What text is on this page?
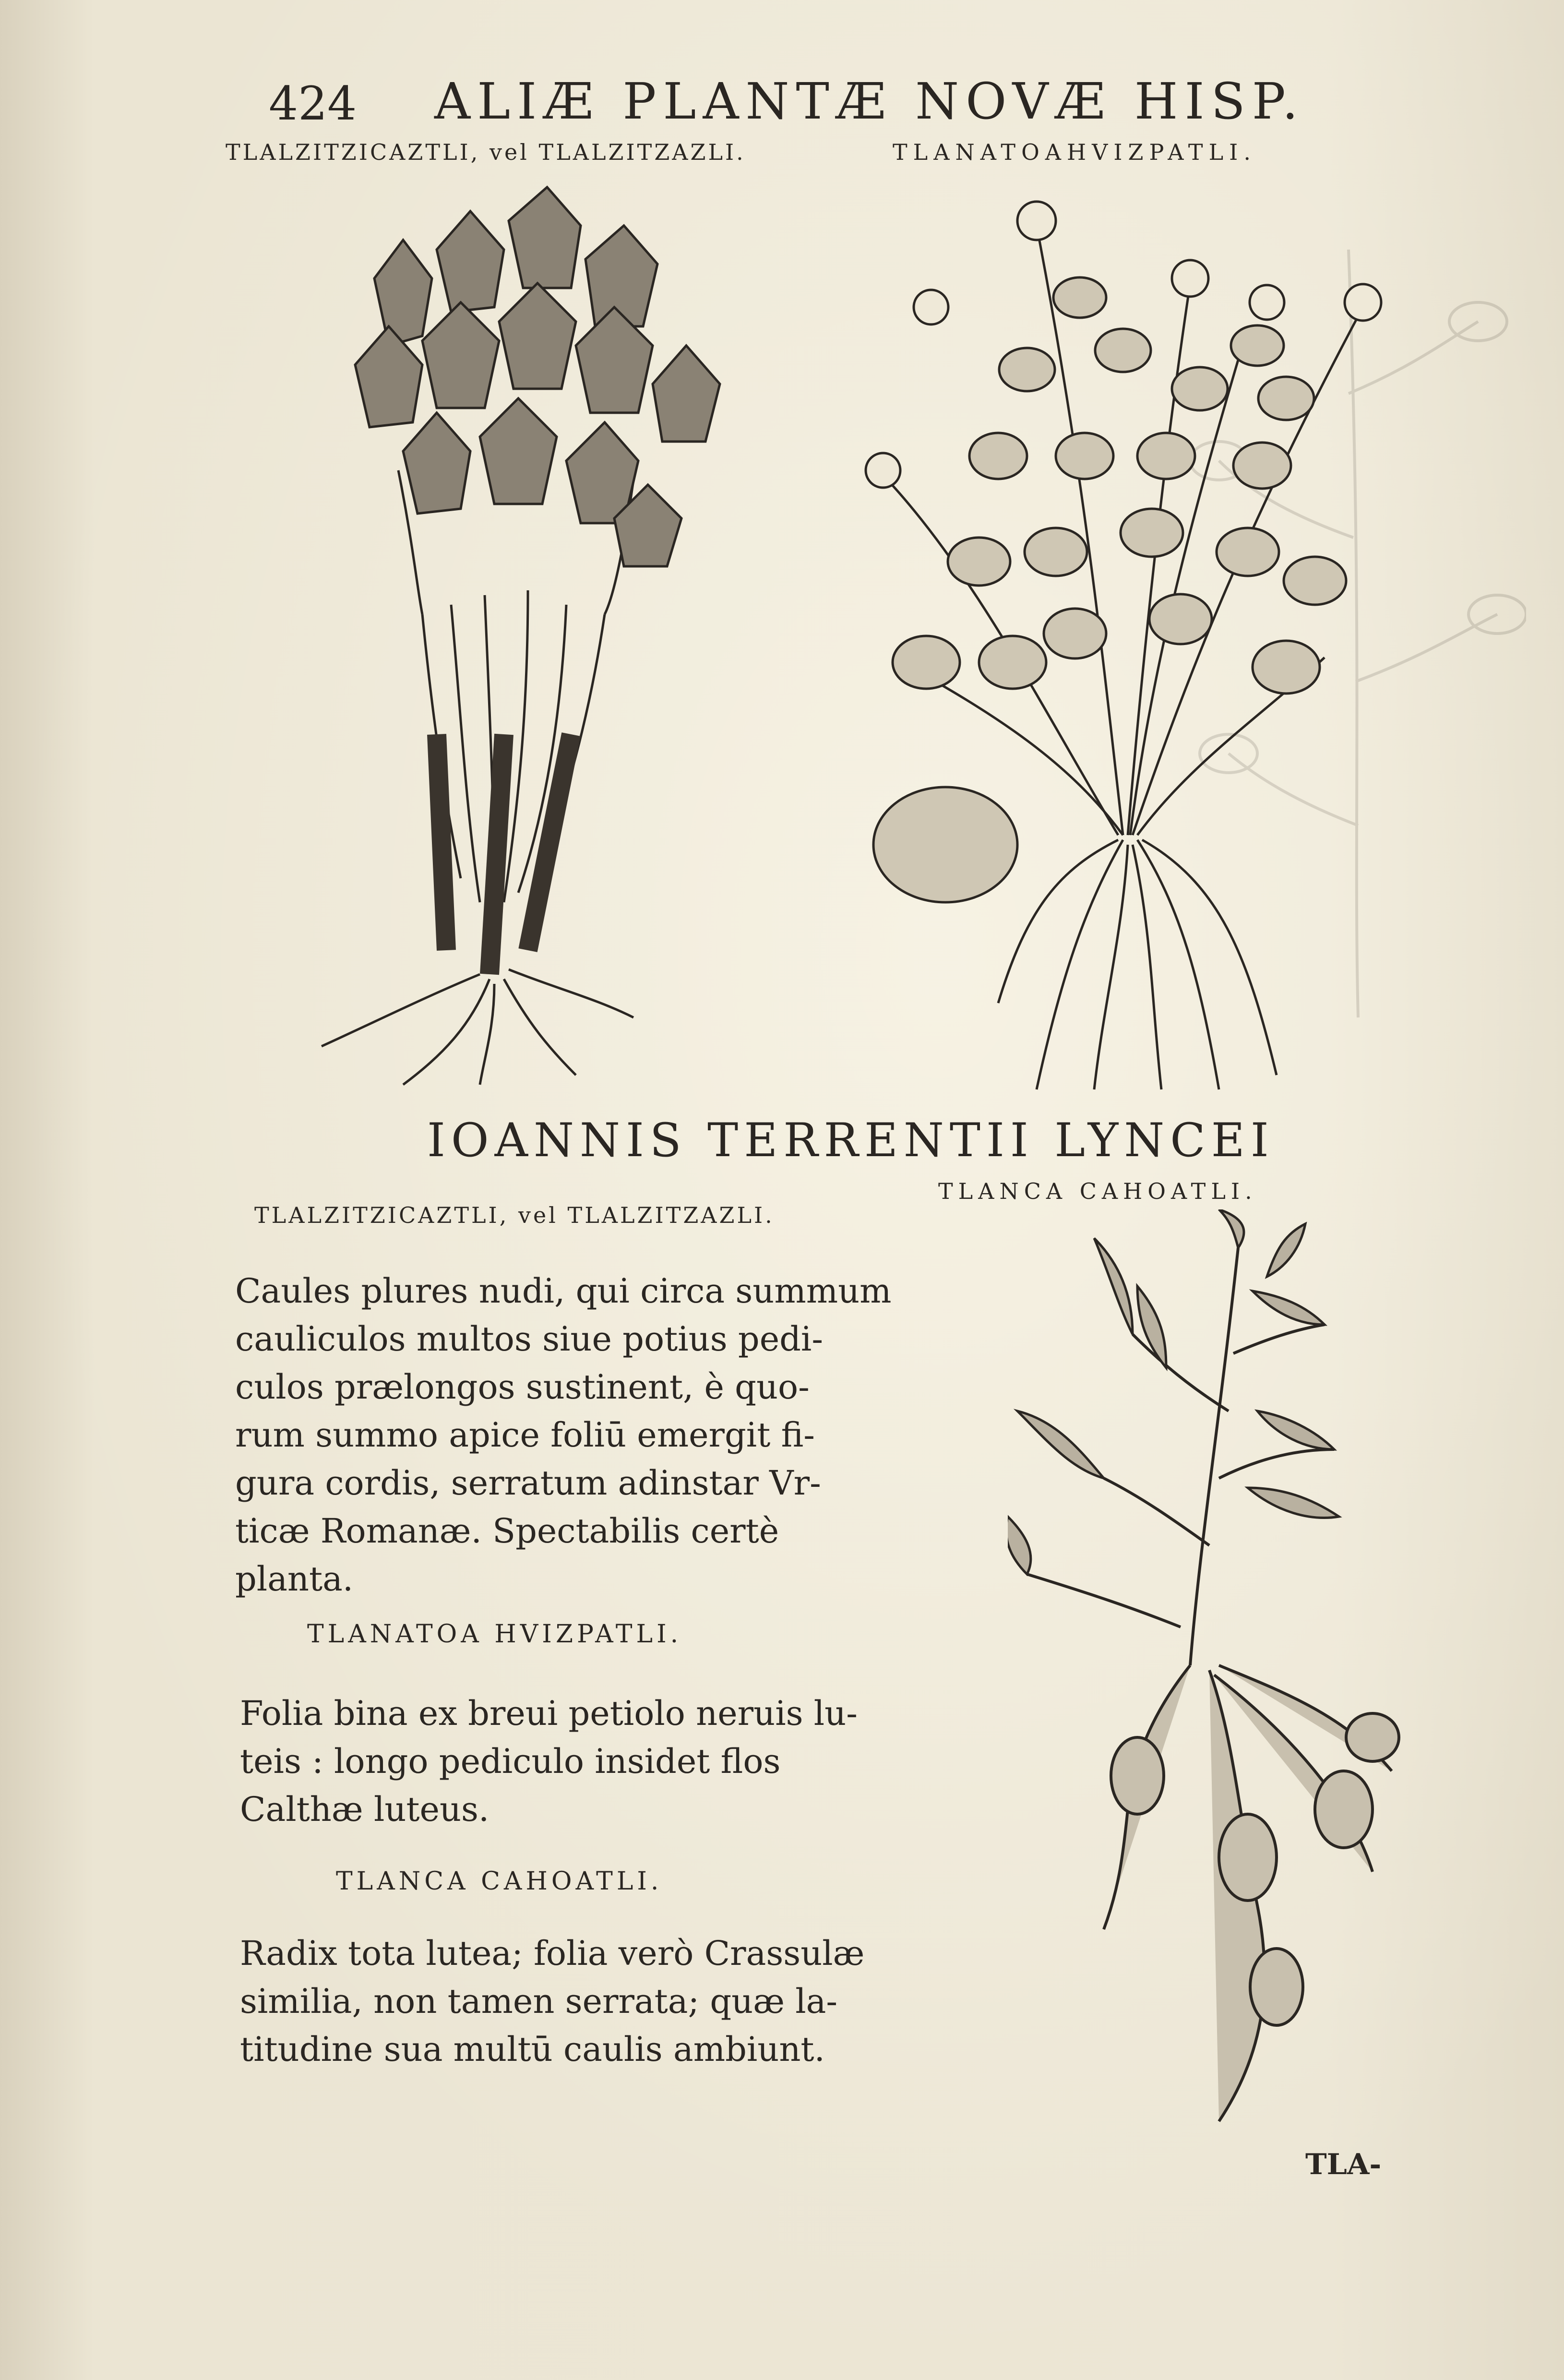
424 ALIÆ PLANTÆ NOVÆ HISP.
TLALZITZICAZTLI, vel TLALZITZAZLI.	TLANATOAHVIZPATLI.
IOANNIS TERRENTII LYNCEI
TLALZITZICAZTLI, vel TLALZITZAZLI.
TLANCA CAHOATLI.
Caules plures nudi, qui circa summum
cauliculos multos siue potius pedi-
culos prælongos sustinent, è quo-
rum summo apice foliū emergit fi-
gura cordis, serratum adinstar Vr-
ticæ Romanæ. Spectabilis certè
planta.
TLANATOA HVIZPATLI.
Folia bina ex breui petiolo neruis lu-
teis : longo pediculo insidet flos
Calthæ luteus.
TLANCA CAHOATLI.
Radix tota lutea; folia verò Crassulæ
similia, non tamen serrata; quæ la-
titudine sua multū caulis ambiunt.
TLA-
